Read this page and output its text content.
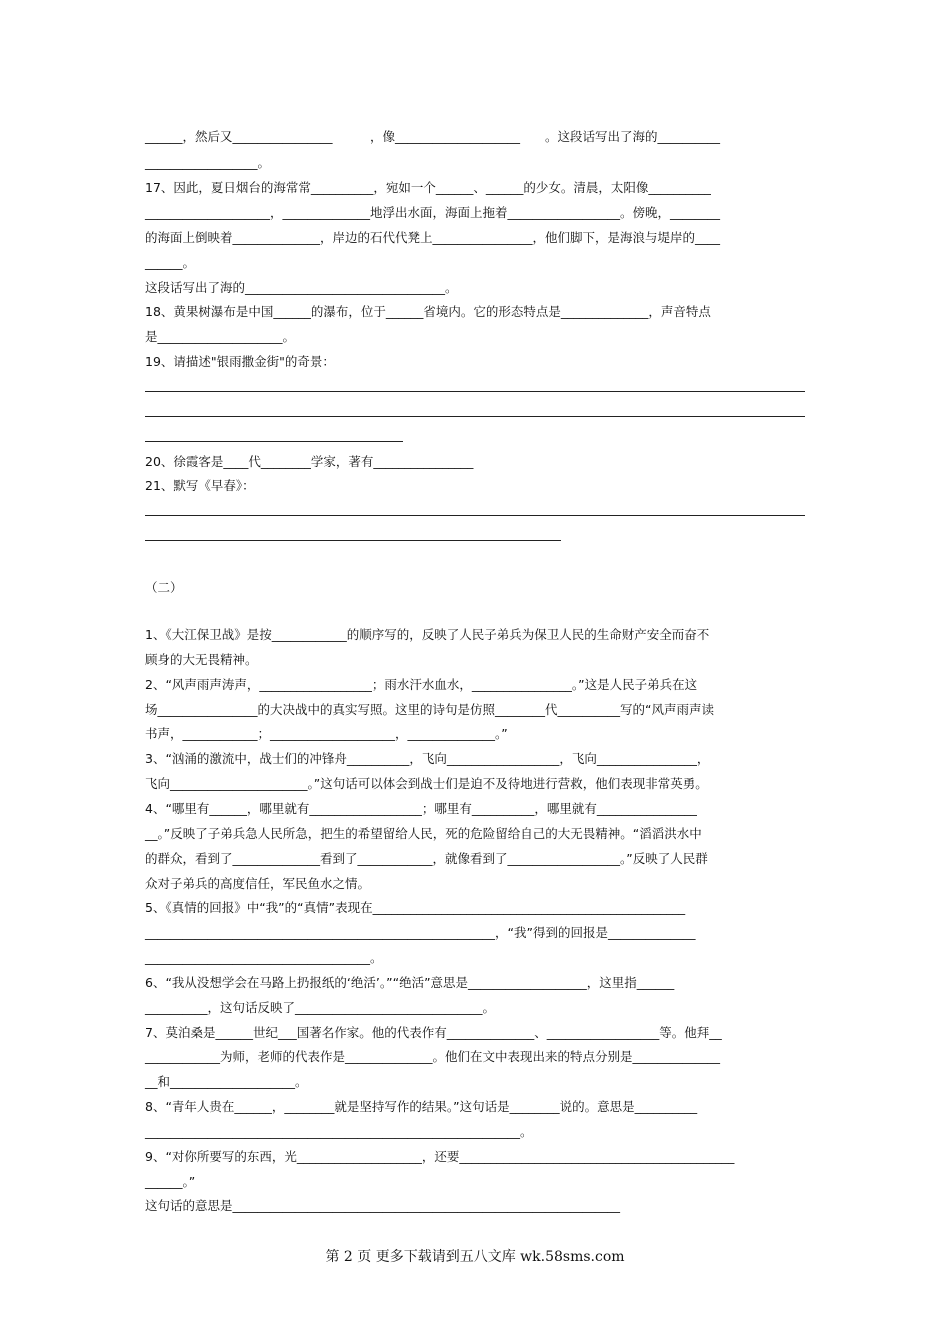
______，然后又________________　　　，像____________________　　。这段话写出了海的__________
__________________。
17、因此，夏日烟台的海常常__________，宛如一个______、______的少女。清晨，太阳像__________
____________________，______________地浮出水面，海面上拖着__________________。傍晚，________
的海面上倒映着______________，岸边的石代代凳上________________，他们脚下，是海浪与堤岸的____
______。
这段话写出了海的________________________________。
18、黄果树瀑布是中国______的瀑布，位于______省境内。它的形态特点是______________，声音特点
是____________________。
19、请描述"银雨撒金街"的奇景：
20、徐霞客是____代________学家，著有________________
21、默写《早春》：
（二）
1、《大江保卫战》是按____________的顺序写的，反映了人民子弟兵为保卫人民的生命财产安全而奋不
顾身的大无畏精神。
2、“风声雨声涛声，__________________；雨水汗水血水，________________。”这是人民子弟兵在这
场________________的大决战中的真实写照。这里的诗句是仿照________代__________写的“风声雨声读
书声，____________；____________________，______________。”
3、“汹涌的激流中，战士们的冲锋舟__________，飞向__________________，飞向________________，
飞向______________________。”这句话可以体会到战士们是迫不及待地进行营救，他们表现非常英勇。
4、“哪里有______，哪里就有__________________；哪里有__________，哪里就有________________
__。”反映了子弟兵急人民所急，把生的希望留给人民，死的危险留给自己的大无畏精神。“滔滔洪水中
的群众，看到了______________看到了____________，就像看到了__________________。”反映了人民群
众对子弟兵的高度信任，军民鱼水之情。
5、《真情的回报》中“我”的“真情”表现在__________________________________________________
________________________________________________________，“我”得到的回报是______________
____________________________________。
6、“我从没想学会在马路上扔报纸的‘绝活’。”“绝活”意思是___________________，这里指______
__________，这句话反映了______________________________。
7、莫泊桑是______世纪___国著名作家。他的代表作有______________、__________________等。他拜__
____________为师，老师的代表作是______________。他们在文中表现出来的特点分别是______________
__和____________________。
8、“青年人贵在______，________就是坚持写作的结果。”这句话是________说的。意思是__________
____________________________________________________________。
9、“对你所要写的东西，光____________________，还要____________________________________________
______。”
这句话的意思是______________________________________________________________
第 2 页 更多下载请到五八文库 wk.58sms.com
